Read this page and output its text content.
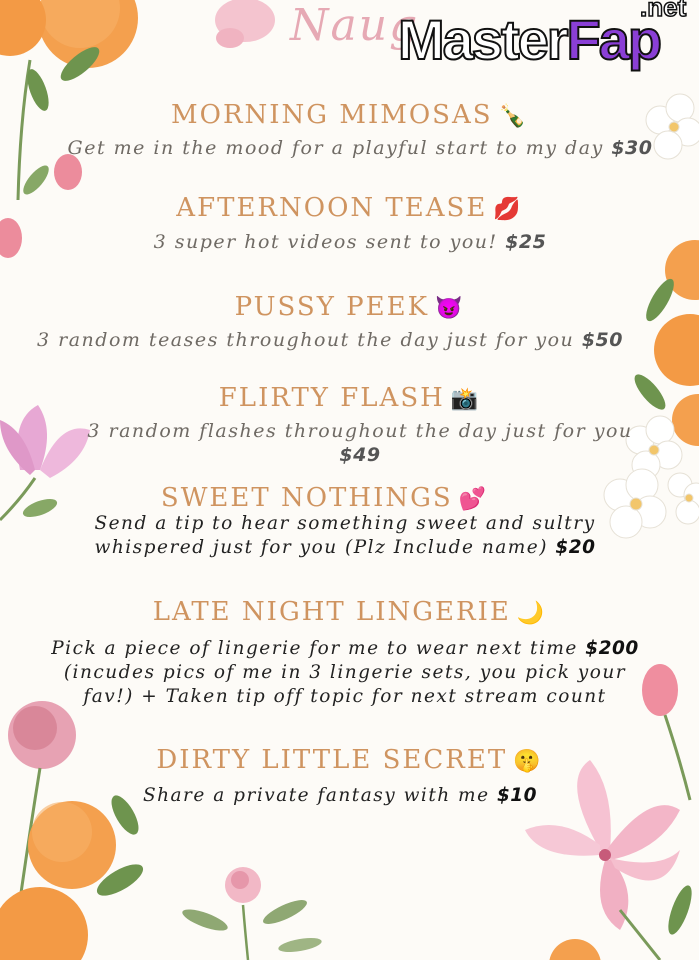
Naug
MasterFap
.net
MORNING MIMOSAS 🍾
Get me in the mood for a playful start to my day $30
AFTERNOON TEASE 💋
3 super hot videos sent to you! $25
PUSSY PEEK 😈
3 random teases throughout the day just for you $50
FLIRTY FLASH 📸
3 random flashes throughout the day just for you
$49
SWEET NOTHINGS 💕
Send a tip to hear something sweet and sultry whispered just for you (Plz Include name) $20
LATE NIGHT LINGERIE 🌙
Pick a piece of lingerie for me to wear next time $200
(incudes pics of me in 3 lingerie sets, you pick your fav!) + Taken tip off topic for next stream count
DIRTY LITTLE SECRET 🤫
Share a private fantasy with me $10
